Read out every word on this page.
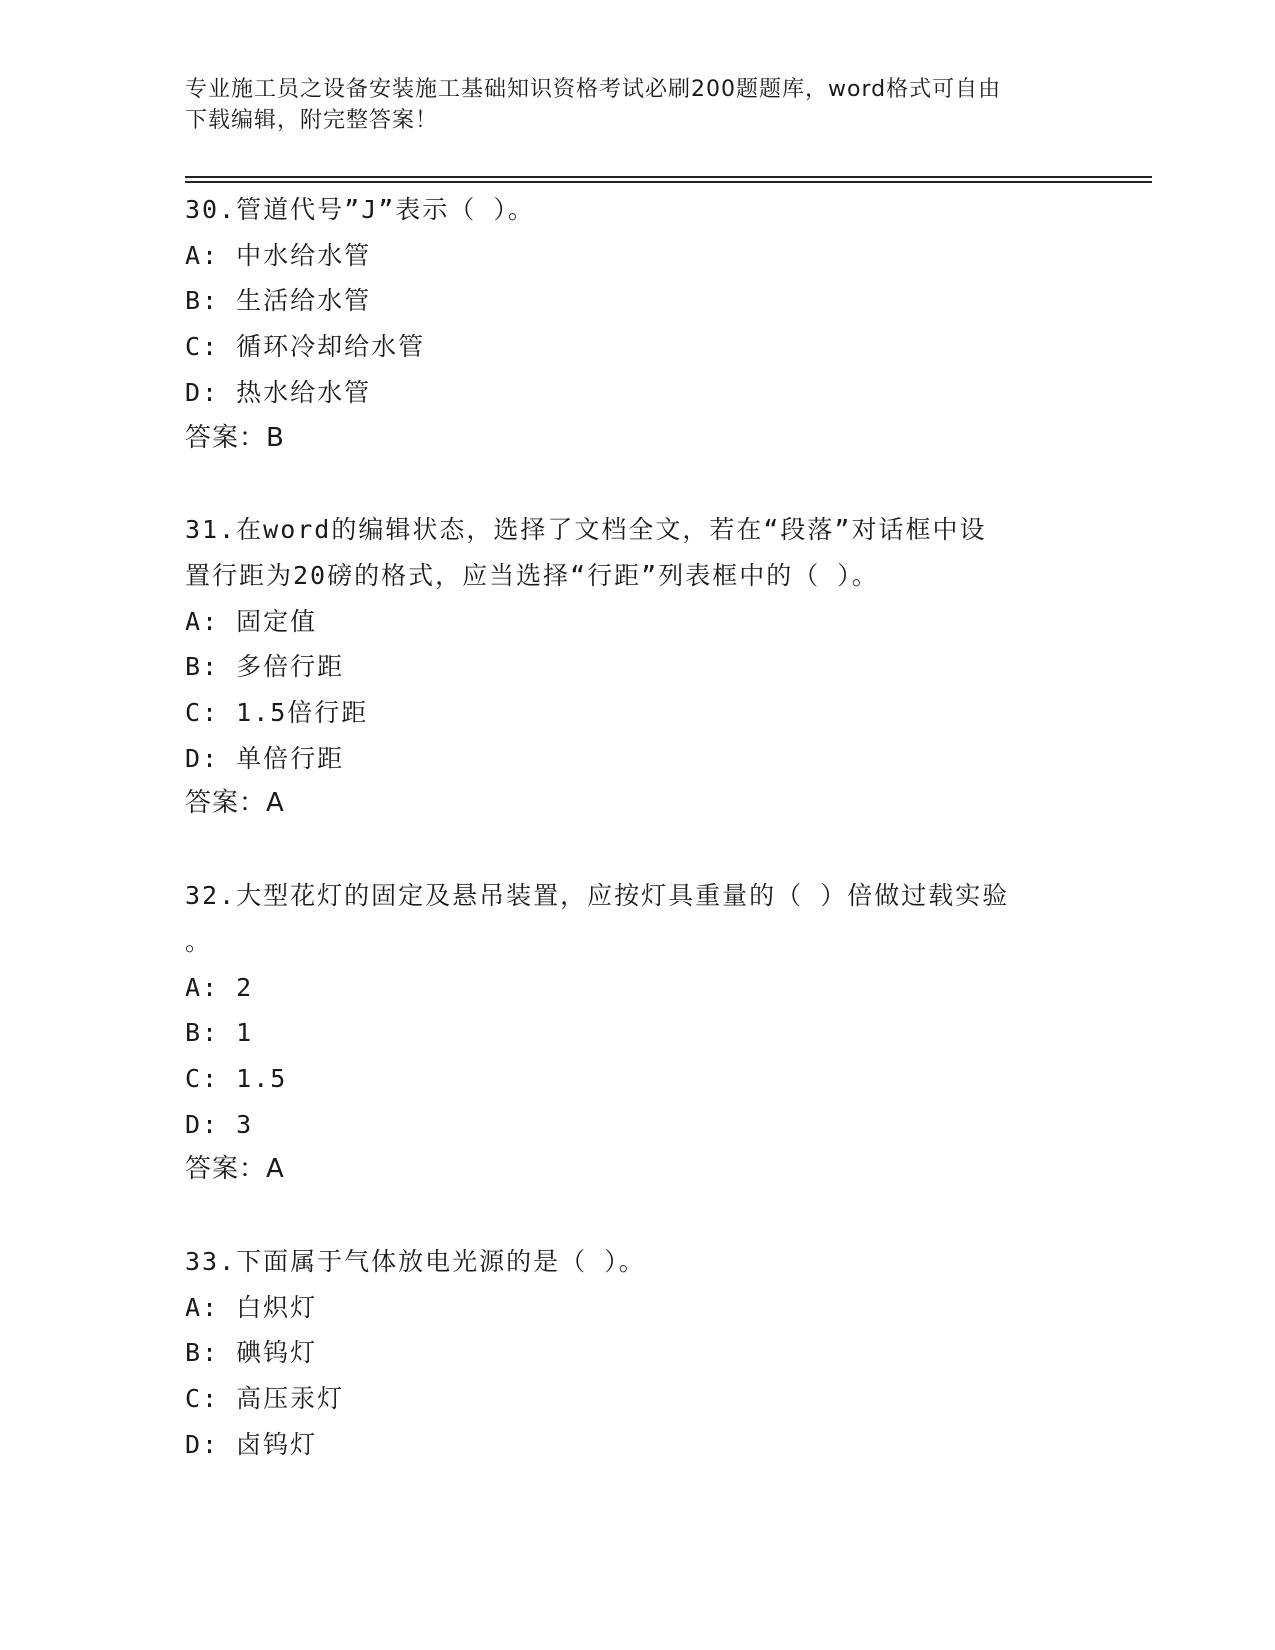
专业施工员之设备安装施工基础知识资格考试必刷200题题库，word格式可自由
下载编辑，附完整答案！
30.管道代号”J”表示（ ）。
A: 中水给水管
B: 生活给水管
C: 循环冷却给水管
D: 热水给水管
答案：B
31.在word的编辑状态，选择了文档全文，若在“段落”对话框中设
置行距为20磅的格式，应当选择“行距”列表框中的（ ）。
A: 固定值
B: 多倍行距
C: 1.5倍行距
D: 单倍行距
答案：A
32.大型花灯的固定及悬吊装置，应按灯具重量的（ ）倍做过载实验
。
A: 2
B: 1
C: 1.5
D: 3
答案：A
33.下面属于气体放电光源的是（ ）。
A: 白炽灯
B: 碘钨灯
C: 高压汞灯
D: 卤钨灯
